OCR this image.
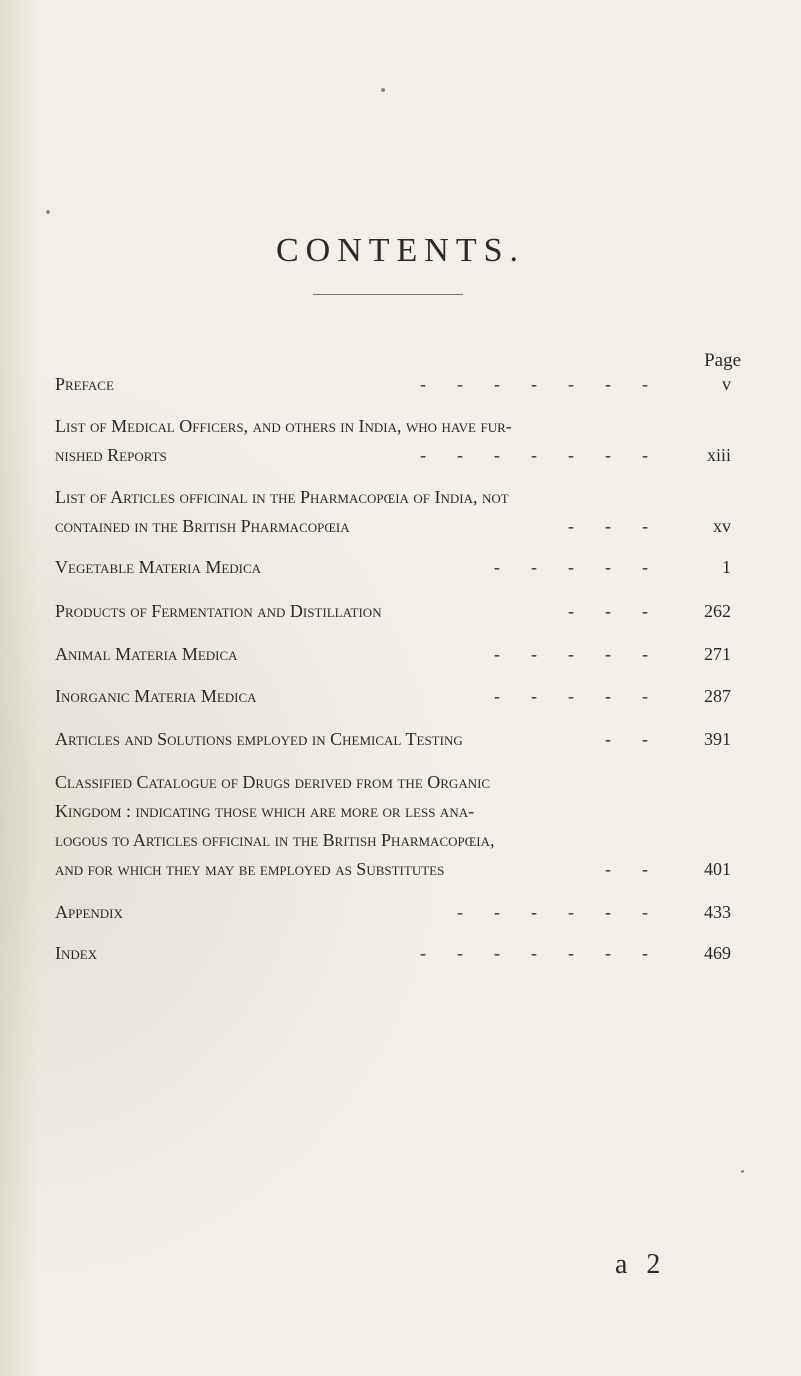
CONTENTS.
Page
Preface	-------	v
List of Medical Officers, and others in India, who have fur-
nished Reports	-------	xiii
List of Articles officinal in the Pharmacopœia of India, not
contained in the British Pharmacopœia	---	xv
Vegetable Materia Medica	-----	1
Products of Fermentation and Distillation	---	262
Animal Materia Medica	-----	271
Inorganic Materia Medica	-----	287
Articles and Solutions employed in Chemical Testing	--	391
Classified Catalogue of Drugs derived from the Organic
Kingdom : indicating those which are more or less ana-
logous to Articles officinal in the British Pharmacopœia,
and for which they may be employed as Substitutes	--	401
Appendix	------	433
Index	-------	469
a 2
